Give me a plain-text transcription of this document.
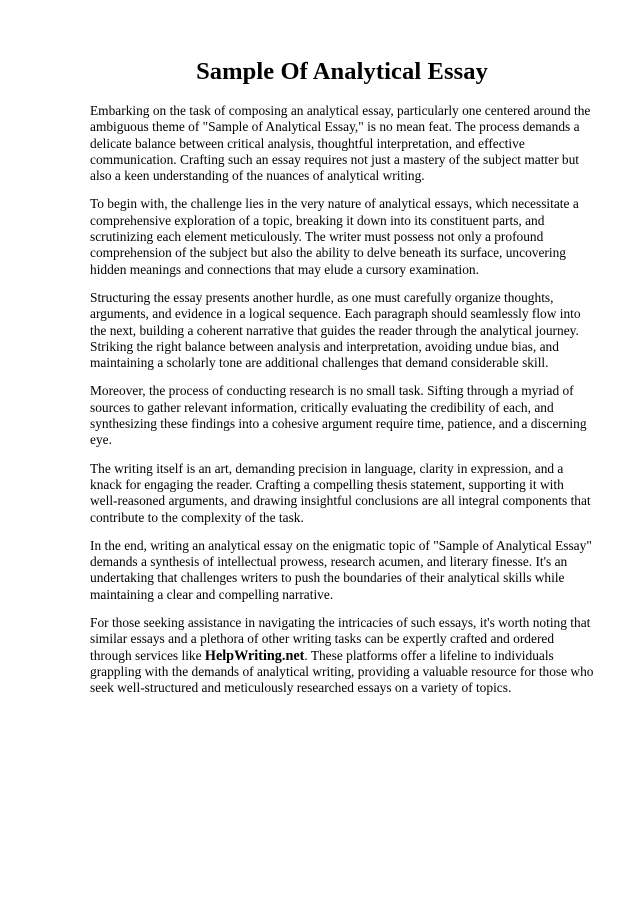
Sample Of Analytical Essay

Embarking on the task of composing an analytical essay, particularly one centered around the ambiguous theme of "Sample of Analytical Essay," is no mean feat. The process demands a delicate balance between critical analysis, thoughtful interpretation, and effective communication. Crafting such an essay requires not just a mastery of the subject matter but also a keen understanding of the nuances of analytical writing.

To begin with, the challenge lies in the very nature of analytical essays, which necessitate a comprehensive exploration of a topic, breaking it down into its constituent parts, and scrutinizing each element meticulously. The writer must possess not only a profound comprehension of the subject but also the ability to delve beneath its surface, uncovering hidden meanings and connections that may elude a cursory examination.

Structuring the essay presents another hurdle, as one must carefully organize thoughts, arguments, and evidence in a logical sequence. Each paragraph should seamlessly flow into the next, building a coherent narrative that guides the reader through the analytical journey. Striking the right balance between analysis and interpretation, avoiding undue bias, and maintaining a scholarly tone are additional challenges that demand considerable skill.

Moreover, the process of conducting research is no small task. Sifting through a myriad of sources to gather relevant information, critically evaluating the credibility of each, and synthesizing these findings into a cohesive argument require time, patience, and a discerning eye.

The writing itself is an art, demanding precision in language, clarity in expression, and a knack for engaging the reader. Crafting a compelling thesis statement, supporting it with well-reasoned arguments, and drawing insightful conclusions are all integral components that contribute to the complexity of the task.

In the end, writing an analytical essay on the enigmatic topic of "Sample of Analytical Essay" demands a synthesis of intellectual prowess, research acumen, and literary finesse. It's an undertaking that challenges writers to push the boundaries of their analytical skills while maintaining a clear and compelling narrative.

For those seeking assistance in navigating the intricacies of such essays, it's worth noting that similar essays and a plethora of other writing tasks can be expertly crafted and ordered through services like HelpWriting.net. These platforms offer a lifeline to individuals grappling with the demands of analytical writing, providing a valuable resource for those who seek well-structured and meticulously researched essays on a variety of topics.
